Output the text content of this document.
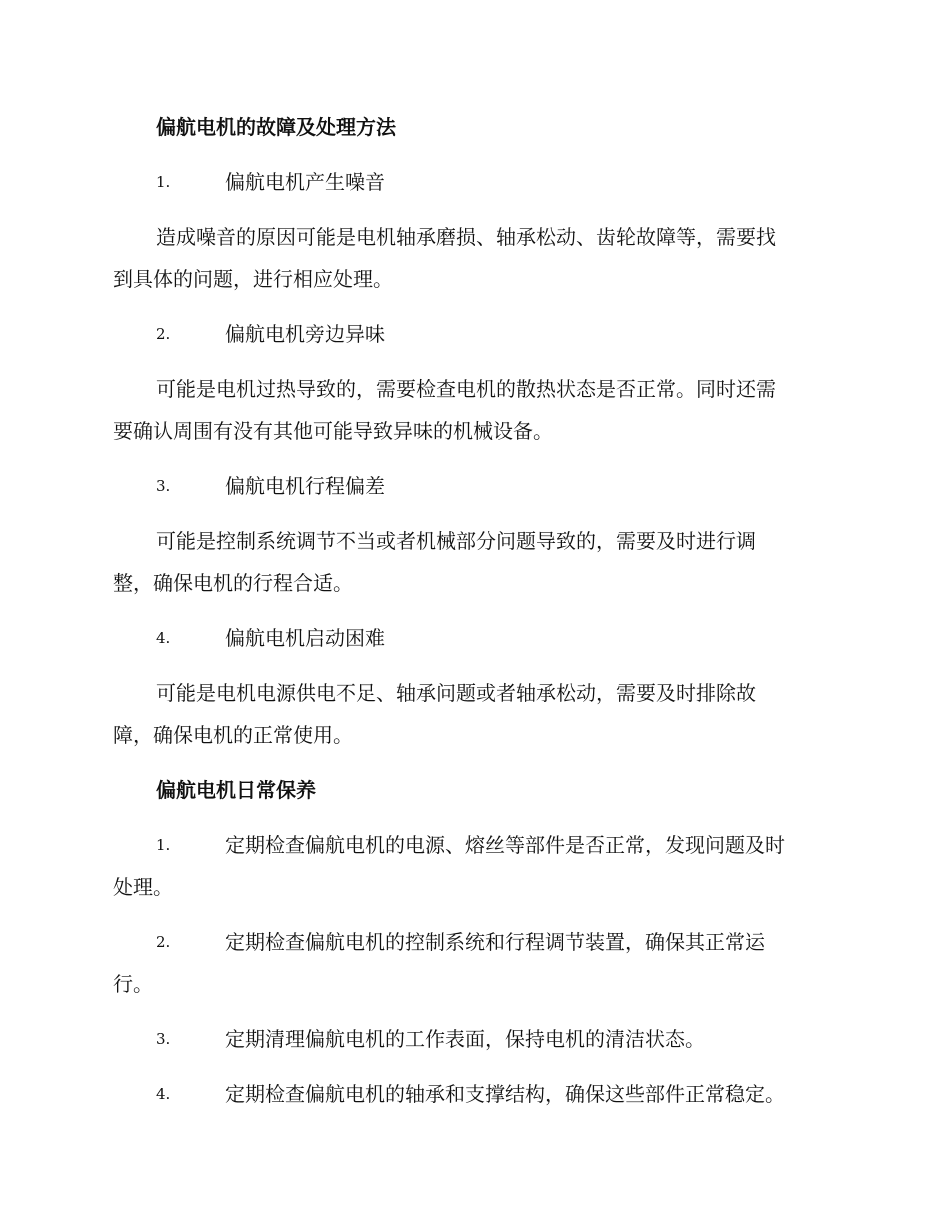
偏航电机的故障及处理方法
1.	偏航电机产生噪音
造成噪音的原因可能是电机轴承磨损、轴承松动、齿轮故障等，需要找
到具体的问题，进行相应处理。
2.	偏航电机旁边异味
可能是电机过热导致的，需要检查电机的散热状态是否正常。同时还需
要确认周围有没有其他可能导致异味的机械设备。
3.	偏航电机行程偏差
可能是控制系统调节不当或者机械部分问题导致的，需要及时进行调
整，确保电机的行程合适。
4.	偏航电机启动困难
可能是电机电源供电不足、轴承问题或者轴承松动，需要及时排除故
障，确保电机的正常使用。
偏航电机日常保养
1.	定期检查偏航电机的电源、熔丝等部件是否正常，发现问题及时
处理。
2.	定期检查偏航电机的控制系统和行程调节装置，确保其正常运
行。
3.	定期清理偏航电机的工作表面，保持电机的清洁状态。
4.	定期检查偏航电机的轴承和支撑结构，确保这些部件正常稳定。
